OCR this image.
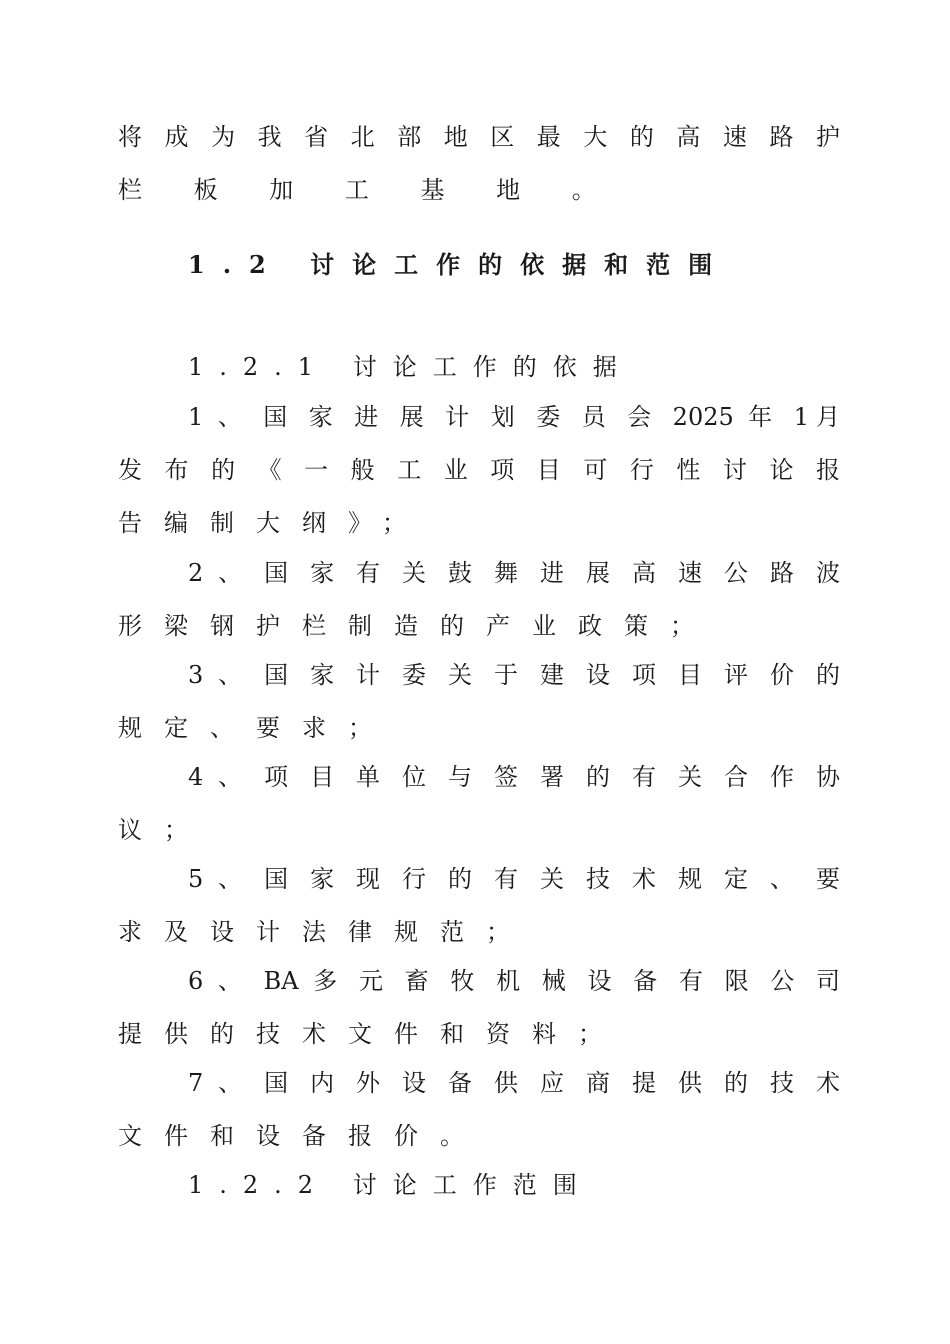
将 成 为 我 省 北 部 地 区 最 大 的 高 速 路 护
栏 板 加 工 基 地 。
1.2 讨论工作的依据和范围
1.2.1 讨论工作的依据
1 、 国 家 进 展 计 划 委 员 会 2025 年 1月
发 布 的 《 一 般 工 业 项 目 可 行 性 讨 论 报
告编制大纲》；
2 、 国 家 有 关 鼓 舞 进 展 高 速 公 路 波
形梁钢护栏制造的产业政策；
3 、 国 家 计 委 关 于 建 设 项 目 评 价 的
规定、要求；
4 、 项 目 单 位 与 签 署 的 有 关 合 作 协
议；
5 、 国 家 现 行 的 有 关 技 术 规 定 、 要
求及设计法律规范；
6 、 BA 多 元 畜 牧 机 械 设 备 有 限 公 司
提供的技术文件和资料；
7 、 国 内 外 设 备 供 应 商 提 供 的 技 术
文件和设备报价。
1.2.2 讨论工作范围
